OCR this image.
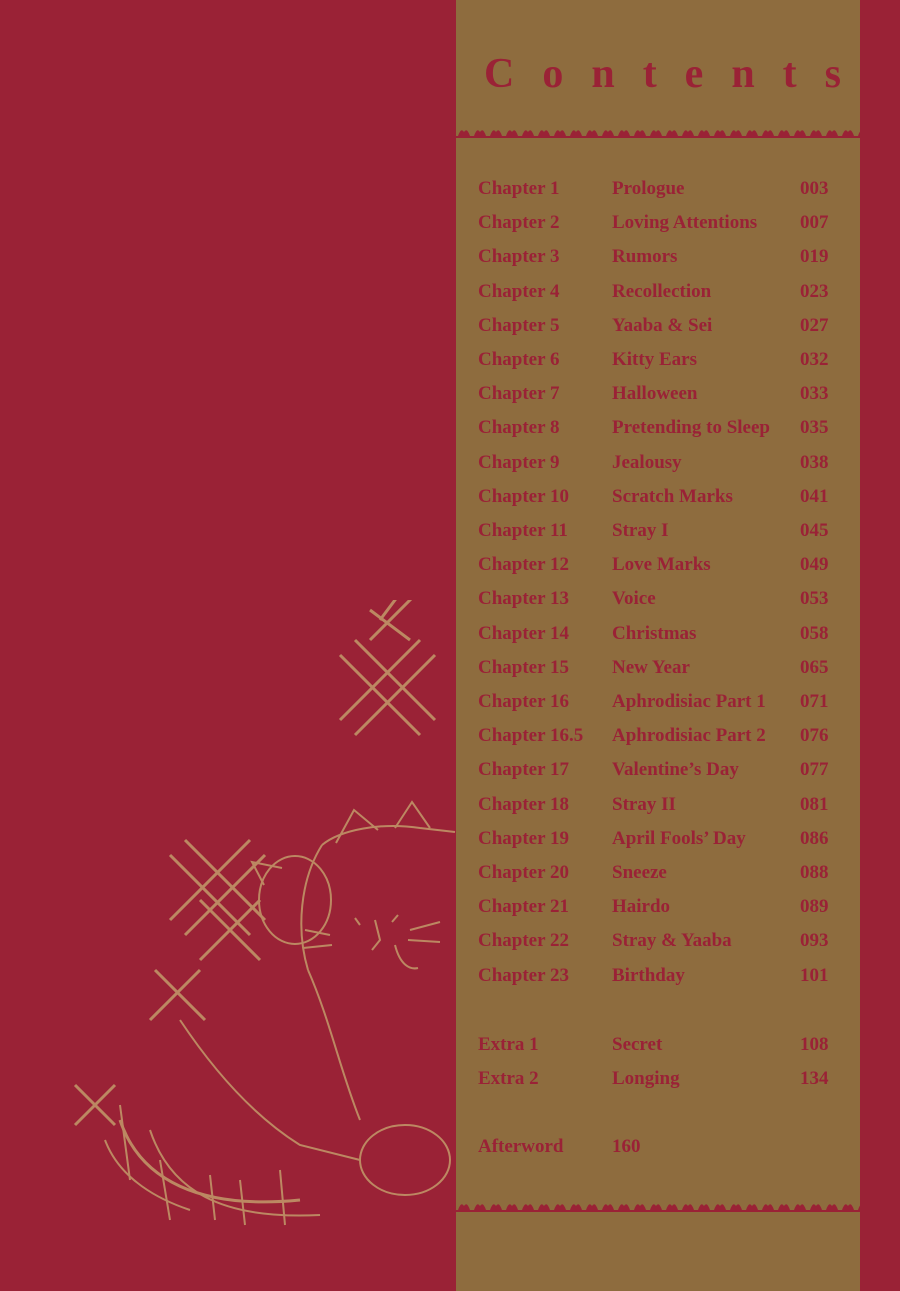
Contents
Chapter 1	Prologue	003
Chapter 2	Loving Attentions 007
Chapter 3	Rumors	019
Chapter 4	Recollection	023
Chapter 5	Yaaba & Sei	027
Chapter 6	Kitty Ears	032
Chapter 7	Halloween	033
Chapter 8	Pretending to Sleep 035
Chapter 9	Jealousy	038
Chapter 10 Scratch Marks	041
Chapter 11 Stray I	045
Chapter 12 Love Marks	049
Chapter 13 Voice	053
Chapter 14 Christmas	058
Chapter 15 New Year	065
Chapter 16 Aphrodisiac Part 1 071
Chapter 16.5 Aphrodisiac Part 2 076
Chapter 17 Valentine’s Day	077
Chapter 18 Stray II	081
Chapter 19 April Fools’ Day	086
Chapter 20 Sneeze	088
Chapter 21 Hairdo	089
Chapter 22 Stray & Yaaba	093
Chapter 23 Birthday	101
Extra 1	Secret	108
Extra 2	Longing	134
Afterword	160
